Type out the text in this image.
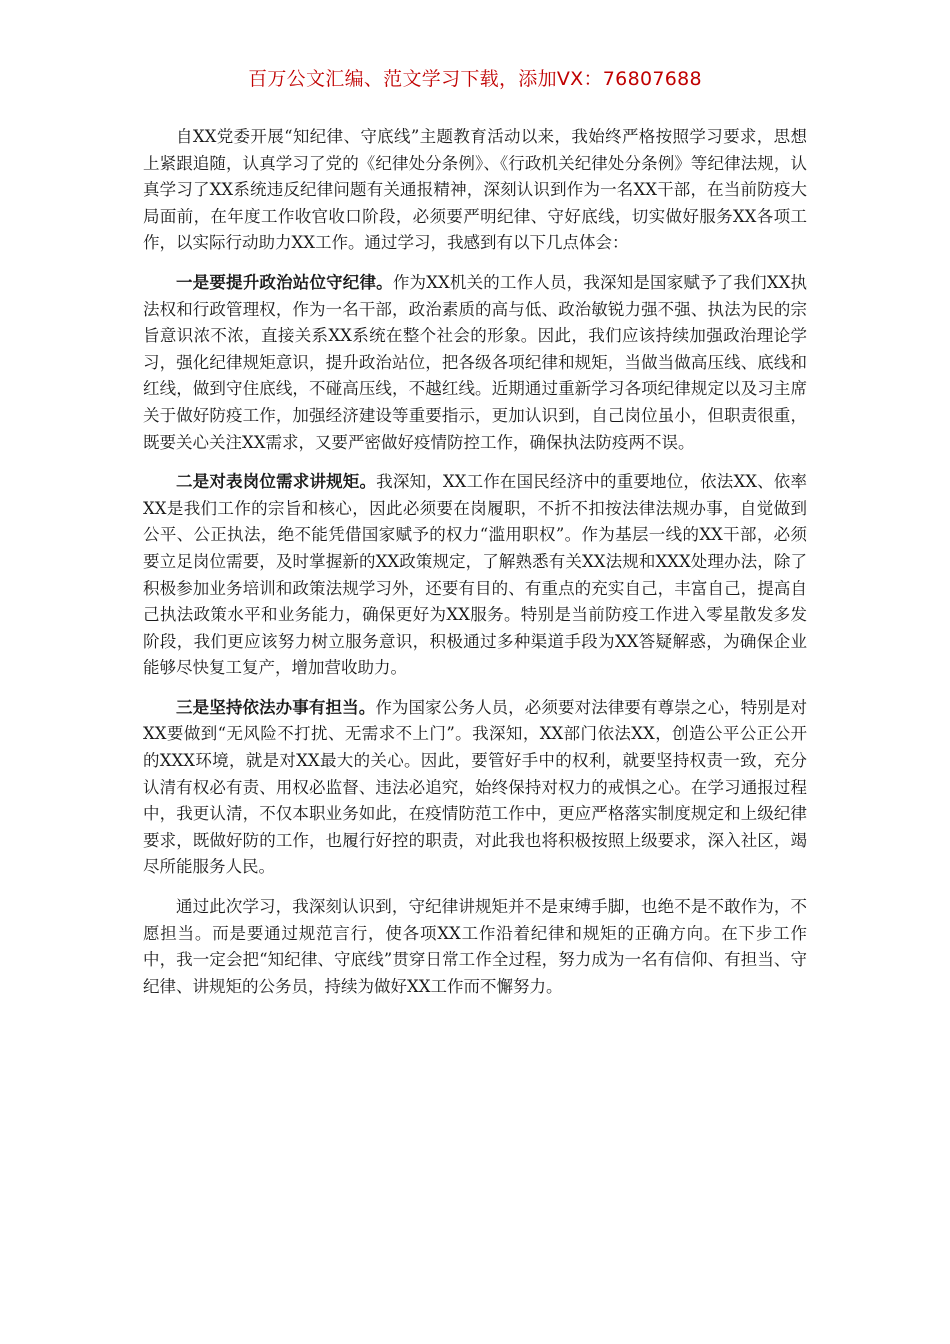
百万公文汇编、范文学习下载，添加VX：76807688

自XX党委开展“知纪律、守底线”主题教育活动以来，我始终严格按照学习要求，思想上紧跟追随，认真学习了党的《纪律处分条例》、《行政机关纪律处分条例》等纪律法规，认真学习了XX系统违反纪律问题有关通报精神，深刻认识到作为一名XX干部，在当前防疫大局面前，在年度工作收官收口阶段，必须要严明纪律、守好底线，切实做好服务XX各项工作，以实际行动助力XX工作。通过学习，我感到有以下几点体会：

一是要提升政治站位守纪律。作为XX机关的工作人员，我深知是国家赋予了我们XX执法权和行政管理权，作为一名干部，政治素质的高与低、政治敏锐力强不强、执法为民的宗旨意识浓不浓，直接关系XX系统在整个社会的形象。因此，我们应该持续加强政治理论学习，强化纪律规矩意识，提升政治站位，把各级各项纪律和规矩，当做当做高压线、底线和红线，做到守住底线，不碰高压线，不越红线。近期通过重新学习各项纪律规定以及习主席关于做好防疫工作，加强经济建设等重要指示，更加认识到，自己岗位虽小，但职责很重，既要关心关注XX需求，又要严密做好疫情防控工作，确保执法防疫两不误。

二是对表岗位需求讲规矩。我深知，XX工作在国民经济中的重要地位，依法XX、依率XX是我们工作的宗旨和核心，因此必须要在岗履职，不折不扣按法律法规办事，自觉做到公平、公正执法，绝不能凭借国家赋予的权力“滥用职权”。作为基层一线的XX干部，必须要立足岗位需要，及时掌握新的XX政策规定，了解熟悉有关XX法规和XXX处理办法，除了积极参加业务培训和政策法规学习外，还要有目的、有重点的充实自己，丰富自己，提高自己执法政策水平和业务能力，确保更好为XX服务。特别是当前防疫工作进入零星散发多发阶段，我们更应该努力树立服务意识，积极通过多种渠道手段为XX答疑解惑，为确保企业能够尽快复工复产，增加营收助力。

三是坚持依法办事有担当。作为国家公务人员，必须要对法律要有尊崇之心，特别是对XX要做到“无风险不打扰、无需求不上门”。我深知，XX部门依法XX，创造公平公正公开的XXX环境，就是对XX最大的关心。因此，要管好手中的权利，就要坚持权责一致，充分认清有权必有责、用权必监督、违法必追究，始终保持对权力的戒惧之心。在学习通报过程中，我更认清，不仅本职业务如此，在疫情防范工作中，更应严格落实制度规定和上级纪律要求，既做好防的工作，也履行好控的职责，对此我也将积极按照上级要求，深入社区，竭尽所能服务人民。

通过此次学习，我深刻认识到，守纪律讲规矩并不是束缚手脚，也绝不是不敢作为，不愿担当。而是要通过规范言行，使各项XX工作沿着纪律和规矩的正确方向。在下步工作中，我一定会把“知纪律、守底线”贯穿日常工作全过程，努力成为一名有信仰、有担当、守纪律、讲规矩的公务员，持续为做好XX工作而不懈努力。
